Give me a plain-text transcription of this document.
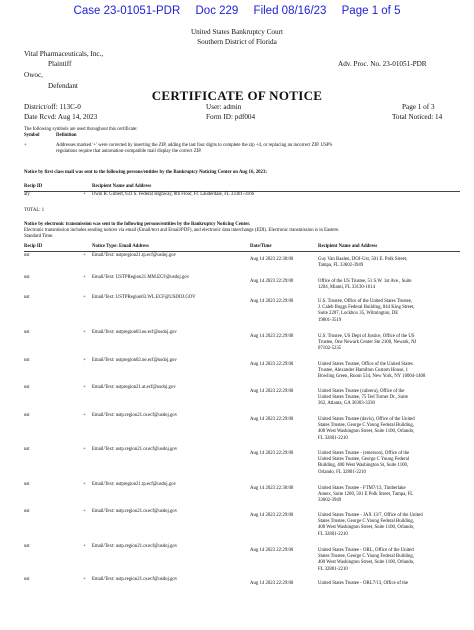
Case 23-01051-PDR Doc 229 Filed 08/16/23 Page 1 of 5
United States Bankruptcy Court
Southern District of Florida
Vital Pharmaceuticals, Inc.,
Plaintiff	Adv. Proc. No. 23-01051-PDR
Owoc,
Defendant
CERTIFICATE OF NOTICE
District/off: 113C-0	User: admin	Page 1 of 3
Date Rcvd: Aug 14, 2023	Form ID: pdf004	Total Noticed: 14
The following symbols are used throughout this certificate:
Symbol	Definition
+	Addresses marked '+' were corrected by inserting the ZIP, adding the last four digits to complete the zip +4, or replacing an incorrect ZIP. USPS
regulations require that automation-compatible mail display the correct ZIP.
Notice by first class mail was sent to the following persons/entities by the Bankruptcy Noticing Center on Aug 16, 2023:
Recip ID	Recipient Name and Address
aty	+ Irwin R. Gilbert, 633 S. Federal Highway, 8th Floor, Ft. Lauderdale, FL 33301-3166
TOTAL: 1
Notice by electronic transmission was sent to the following persons/entities by the Bankruptcy Noticing Center.
Electronic transmission includes sending notices via email (Email/text and Email/PDF), and electronic data interchange (EDI). Electronic transmission is in Eastern
Standard Time.
Recip ID	Notice Type: Email Address	Date/Time	Recipient Name and Address
ust	+ Email/Text: ustpregion21.tp.ecf@usdoj.gov
Aug 14 2023 22:30:00	Guy Van Baalen, DOJ-Ust, 501 E. Polk Street,
Tampa, FL 33602-3949
ust	+ Email/Text: USTPRegion21.MM.ECF@usdoj.gov
Aug 14 2023 22:29:00	Office of the US Trustee, 51 S.W. 1st Ave., Suite
1204, Miami, FL 33130-1614
ust	+ Email/Text: USTPRegion03.WL.ECF@USDOJ.GOV
Aug 14 2023 22:29:00	U.S. Trustee, Office of the United States Trustee,
J. Caleb Boggs Federal Building, 844 King Street,
Suite 2207, Lockbox 35, Wilmington, DE
19801-3519
ust	+ Email/Text: ustpregion03.ne.ecf@usdoj.gov
Aug 14 2023 22:29:00	U.S. Trustee, US Dept of Justice, Office of the US
Trustee, One Newark Center Ste 2100, Newark, NJ
07102-5235
ust	+ Email/Text: ustpregion02.ne.ecf@usdoj.gov
Aug 14 2023 22:29:00	United States Trustee, Office of the United States
Trustee, Alexander Hamilton Custom House, 1
Bowling Green, Room 534, New York, NY 10004-1408
ust	+ Email/Text: ustpregion21.at.ecf@usdoj.gov
Aug 14 2023 22:29:00	United States Trustee (cabrera), Office of the
United States Trustee, 75 Ted Turner Dr., Suite
362, Atlanta, GA 30303-3330
ust	+ Email/Text: ustp.region21.or.ecf@usdoj.gov
Aug 14 2023 22:29:00	United States Trustee (davis), Office of the United
States Trustee, George C Young Federal Building,
400 West Washington Street, Suite 1100, Orlando,
FL 32801-2210
ust	+ Email/Text: ustp.region21.or.ecf@usdoj.gov
Aug 14 2023 22:29:00	United States Trustee - (emerson), Office of the
United States Trustee, George C Young Federal
Building, 400 West Washington St, Suite 1100,
Orlando, FL 32801-2210
ust	+ Email/Text: ustpregion21.tp.ecf@usdoj.gov
Aug 14 2023 22:30:00	United States Trustee - FTM7/13, Timberlake
Annex, Suite 1200, 501 E Polk Street, Tampa, FL
33602-3949
ust	+ Email/Text: ustp.region21.or.ecf@usdoj.gov
Aug 14 2023 22:29:00	United States Trustee - JAX 13/7, Office of the United
States Trustee, George C Young Federal Building,
400 West Washington Street, Suite 1100, Orlando,
FL 32801-2210
ust	+ Email/Text: ustp.region21.or.ecf@usdoj.gov
Aug 14 2023 22:29:00	United States Trustee - ORL, Office of the United
States Trustee, George C Young Federal Building,
400 West Washington Street, Suite 1100, Orlando,
FL 32801-2210
ust	+ Email/Text: ustp.region21.or.ecf@usdoj.gov
Aug 14 2023 22:29:00	United States Trustee - ORL7/13, Office of the
